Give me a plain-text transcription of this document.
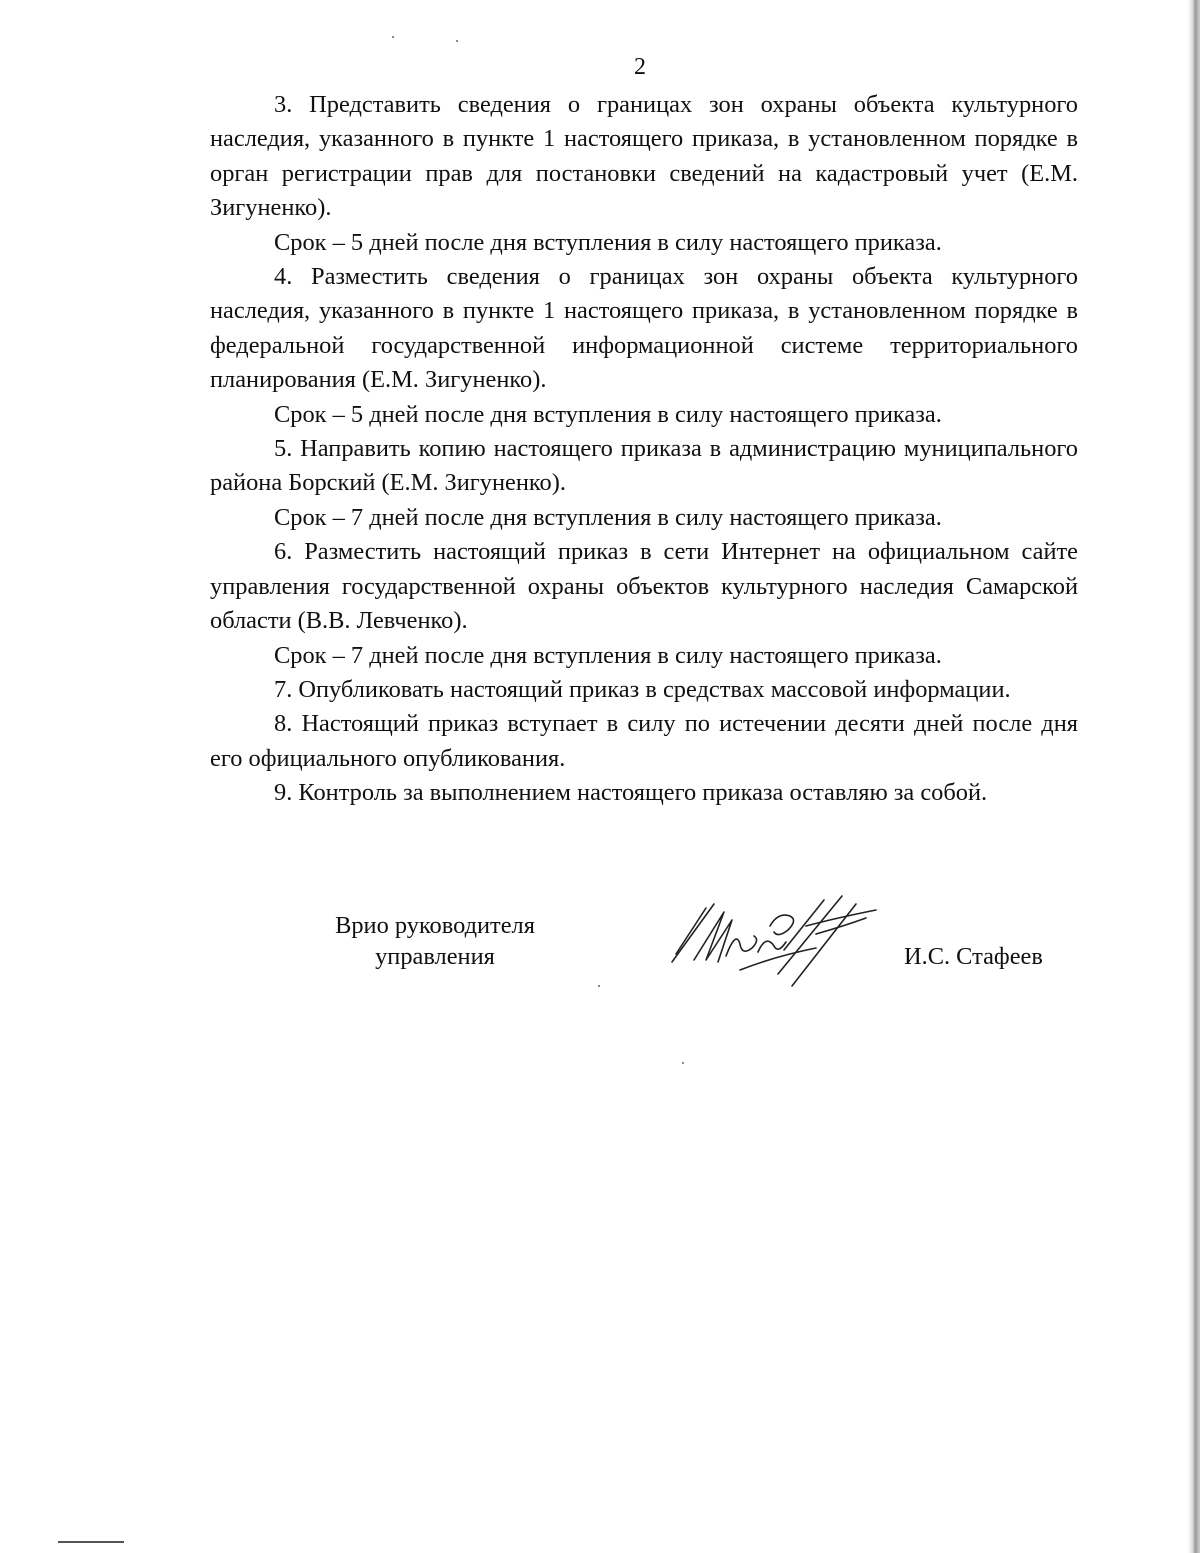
2

3. Представить сведения о границах зон охраны объекта культурного наследия, указанного в пункте 1 настоящего приказа, в установленном порядке в орган регистрации прав для постановки сведений на кадастровый учет (Е.М. Зигуненко).

Срок – 5 дней после дня вступления в силу настоящего приказа.

4. Разместить сведения о границах зон охраны объекта культурного наследия, указанного в пункте 1 настоящего приказа, в установленном порядке в федеральной государственной информационной системе территориального планирования (Е.М. Зигуненко).

Срок – 5 дней после дня вступления в силу настоящего приказа.

5. Направить копию настоящего приказа в администрацию муниципального района Борский (Е.М. Зигуненко).

Срок – 7 дней после дня вступления в силу настоящего приказа.

6. Разместить настоящий приказ в сети Интернет на официальном сайте управления государственной охраны объектов культурного наследия Самарской области (В.В. Левченко).

Срок – 7 дней после дня вступления в силу настоящего приказа.

7. Опубликовать настоящий приказ в средствах массовой информации.

8. Настоящий приказ вступает в силу по истечении десяти дней после дня его официального опубликования.

9. Контроль за выполнением настоящего приказа оставляю за собой.

Врио руководителя
управления	И.С. Стафеев
